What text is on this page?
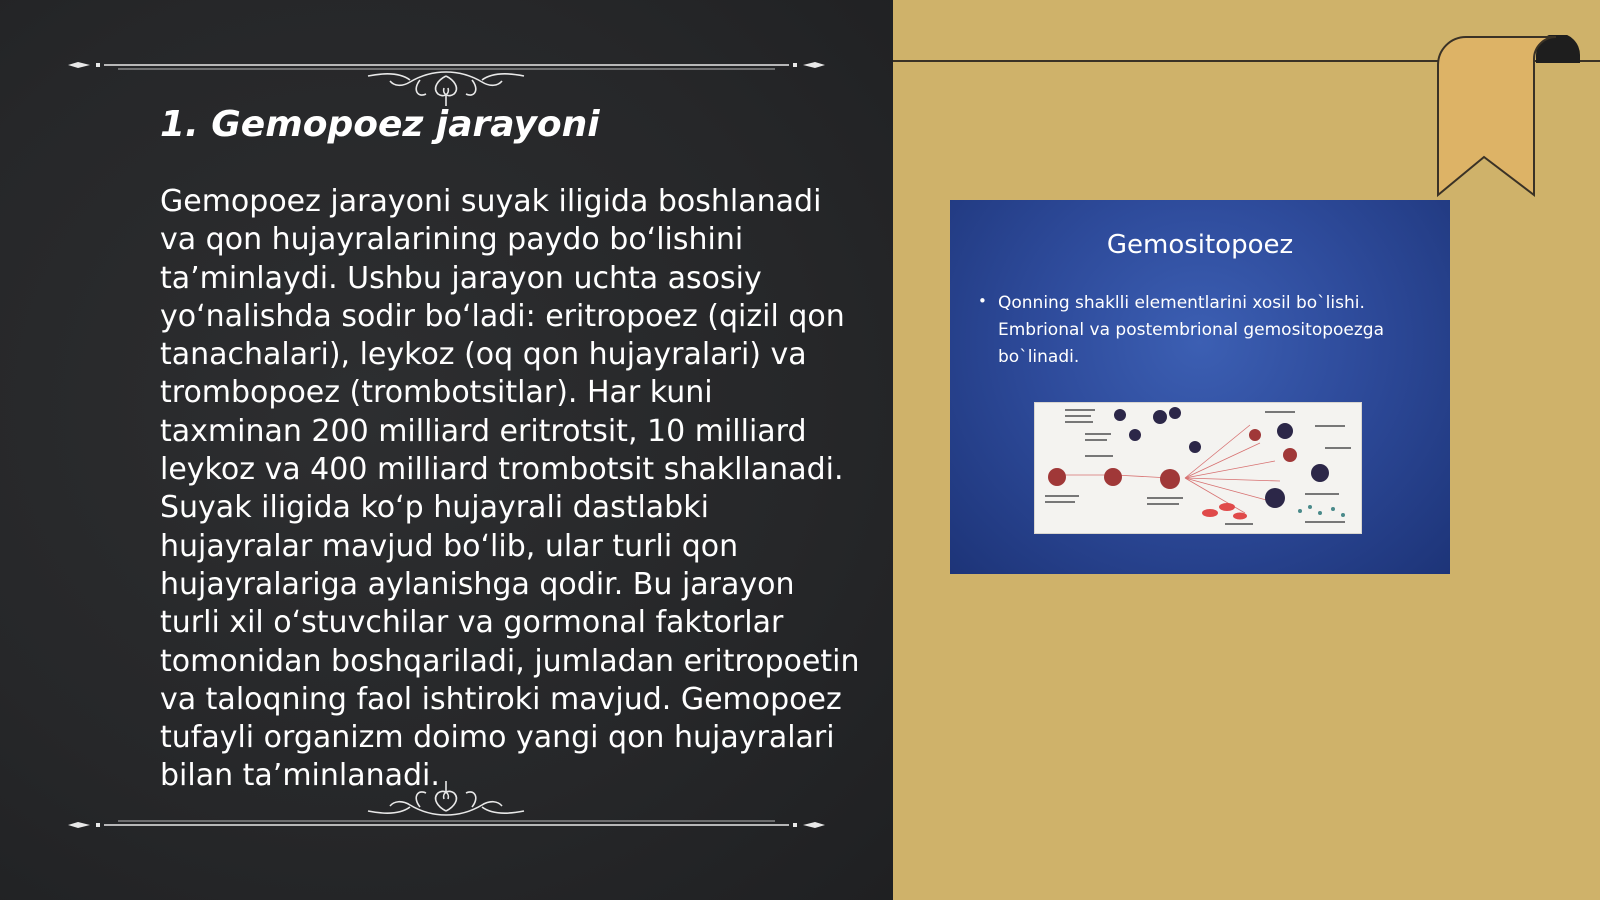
1. Gemopoez jarayoni

Gemopoez jarayoni suyak iligida boshlanadi va qon hujayralarining paydo bo‘lishini ta’minlaydi. Ushbu jarayon uchta asosiy yo‘nalishda sodir bo‘ladi: eritropoez (qizil qon tanachalari), leykoz (oq qon hujayralari) va trombopoez (trombotsitlar). Har kuni taxminan 200 milliard eritrotsit, 10 milliard leykoz va 400 milliard trombotsit shakllanadi. Suyak iligida ko‘p hujayrali dastlabki hujayralar mavjud bo‘lib, ular turli qon hujayralariga aylanishga qodir. Bu jarayon turli xil o‘stuvchilar va gormonal faktorlar tomonidan boshqariladi, jumladan eritropoetin va taloqning faol ishtiroki mavjud. Gemopoez tufayli organizm doimo yangi qon hujayralari bilan ta’minlanadi.

Gemositopoez
• Qonning shaklli elementlarini xosil bo`lishi. Embrional va postembrional gemositopoezga bo`linadi.
